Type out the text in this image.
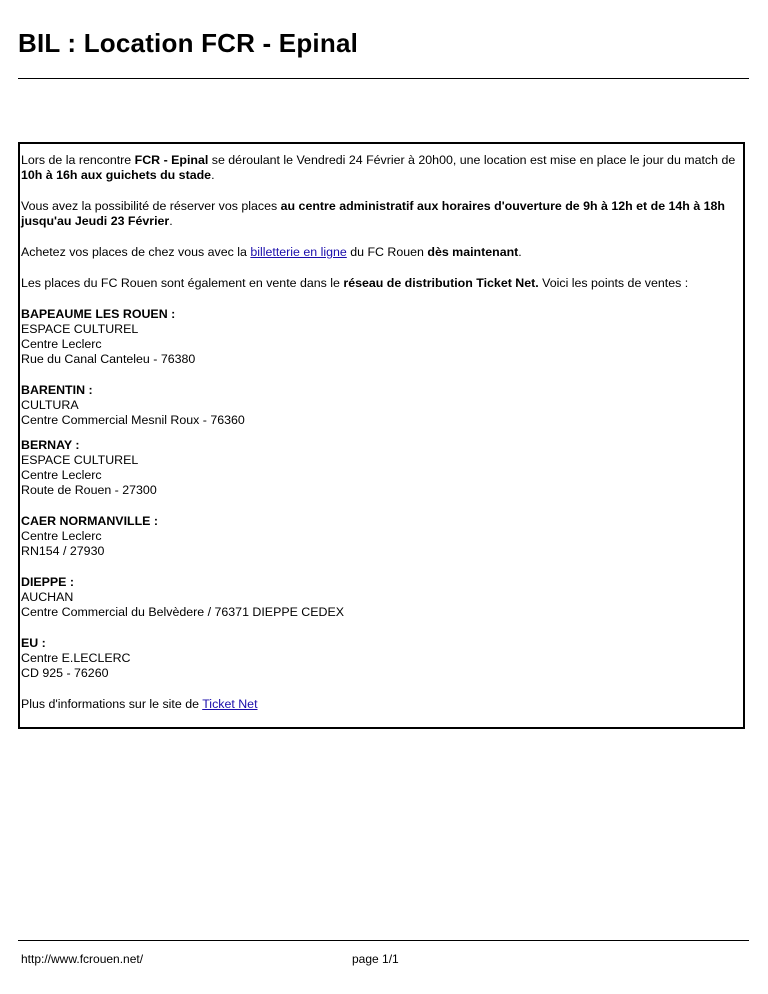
BIL : Location FCR - Epinal

Lors de la rencontre FCR - Epinal se déroulant le Vendredi 24 Février à 20h00, une location est mise en place le jour du match de 10h à 16h aux guichets du stade.

Vous avez la possibilité de réserver vos places au centre administratif aux horaires d'ouverture de 9h à 12h et de 14h à 18h jusqu'au Jeudi 23 Février.

Achetez vos places de chez vous avec la billetterie en ligne du FC Rouen dès maintenant.

Les places du FC Rouen sont également en vente dans le réseau de distribution Ticket Net. Voici les points de ventes :

BAPEAUME LES ROUEN :
ESPACE CULTUREL
Centre Leclerc
Rue du Canal Canteleu - 76380
BARENTIN :
CULTURA
Centre Commercial Mesnil Roux - 76360
BERNAY :
ESPACE CULTUREL
Centre Leclerc
Route de Rouen - 27300
CAER NORMANVILLE :
Centre Leclerc
RN154 / 27930
DIEPPE :
AUCHAN
Centre Commercial du Belvèdere / 76371 DIEPPE CEDEX
EU :
Centre E.LECLERC
CD 925 - 76260

Plus d'informations sur le site de Ticket Net

http://www.fcrouen.net/	page 1/1
